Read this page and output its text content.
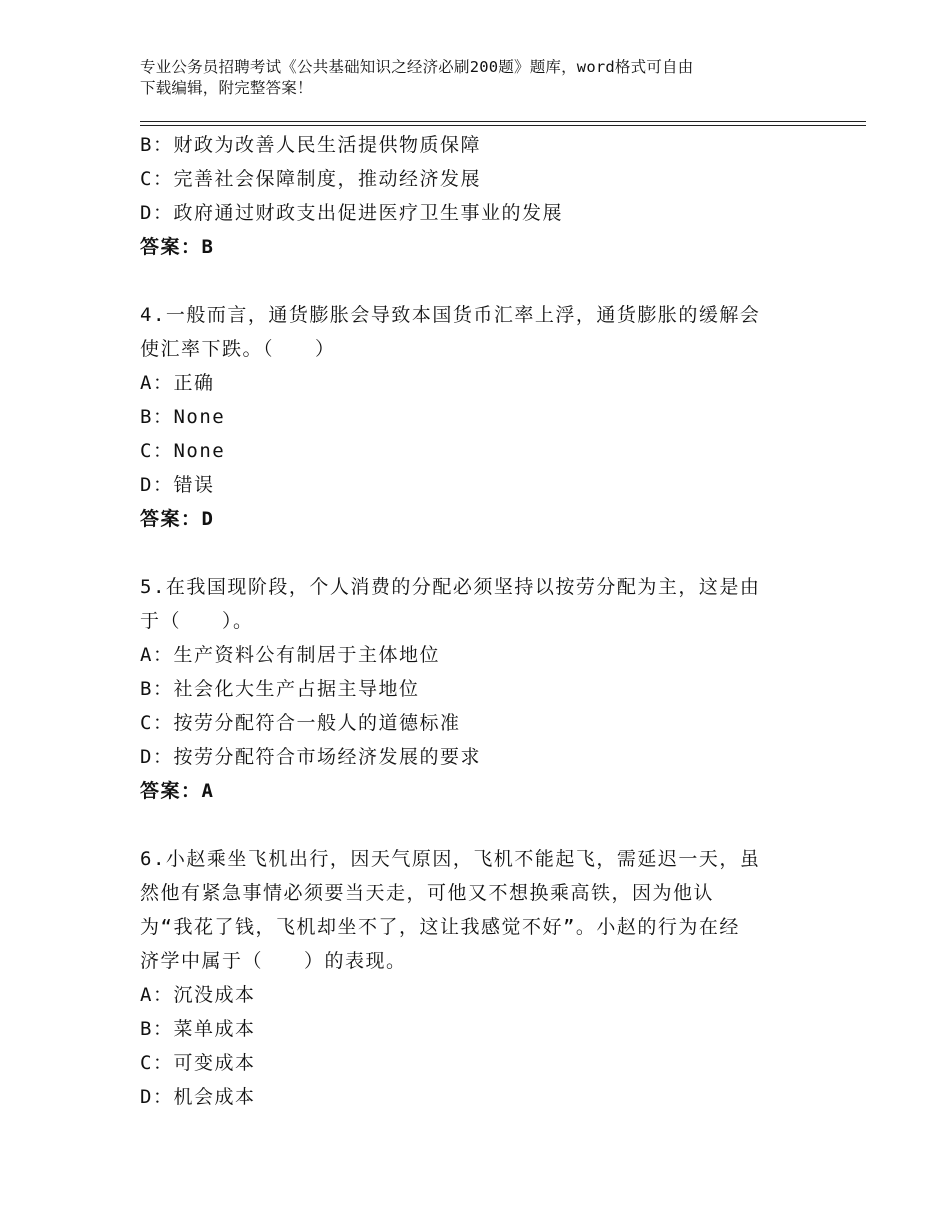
专业公务员招聘考试《公共基础知识之经济必刷200题》题库，word格式可自由
下载编辑，附完整答案！
B：财政为改善人民生活提供物质保障
C：完善社会保障制度，推动经济发展
D：政府通过财政支出促进医疗卫生事业的发展
答案：B
4.一般而言，通货膨胀会导致本国货币汇率上浮，通货膨胀的缓解会
使汇率下跌。（　　）
A：正确
B：None
C：None
D：错误
答案：D
5.在我国现阶段，个人消费的分配必须坚持以按劳分配为主，这是由
于（　　）。
A：生产资料公有制居于主体地位
B：社会化大生产占据主导地位
C：按劳分配符合一般人的道德标准
D：按劳分配符合市场经济发展的要求
答案：A
6.小赵乘坐飞机出行，因天气原因，飞机不能起飞，需延迟一天，虽
然他有紧急事情必须要当天走，可他又不想换乘高铁，因为他认
为“我花了钱，飞机却坐不了，这让我感觉不好”。小赵的行为在经
济学中属于（　　）的表现。
A：沉没成本
B：菜单成本
C：可变成本
D：机会成本
